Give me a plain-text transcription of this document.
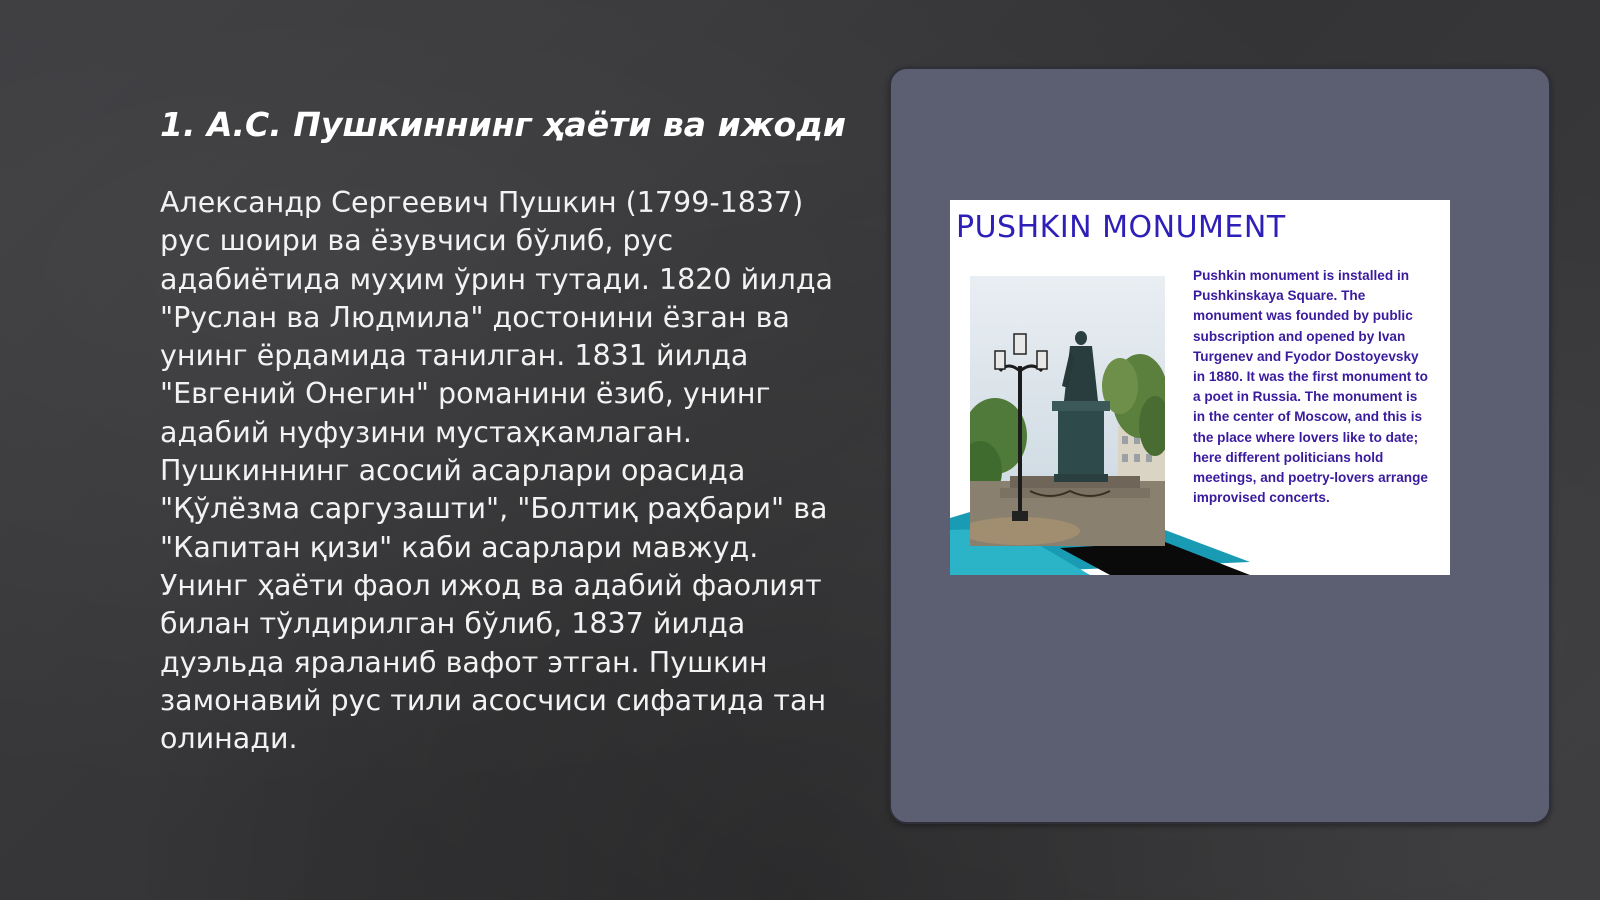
1. А.С. Пушкиннинг ҳаёти ва ижоди

Александр Сергеевич Пушкин (1799-1837) рус шоири ва ёзувчиси бўлиб, рус адабиётида муҳим ўрин тутади. 1820 йилда "Руслан ва Людмила" достонини ёзган ва унинг ёрдамида танилган. 1831 йилда "Евгений Онегин" романини ёзиб, унинг адабий нуфузини мустаҳкамлаган. Пушкиннинг асосий асарлари орасида "Қўлёзма саргузашти", "Болтиқ раҳбари" ва "Капитан қизи" каби асарлари мавжуд. Унинг ҳаёти фаол ижод ва адабий фаолият билан тўлдирилган бўлиб, 1837 йилда дуэльда яраланиб вафот этган. Пушкин замонавий рус тили асосчиси сифатида тан олинади.

PUSHKIN MONUMENT

Pushkin monument is installed in Pushkinskaya Square. The monument was founded by public subscription and opened by Ivan Turgenev and Fyodor Dostoyevsky in 1880. It was the first monument to a poet in Russia. The monument is in the center of Moscow, and this is the place where lovers like to date; here different politicians hold meetings, and poetry-lovers arrange improvised concerts.
